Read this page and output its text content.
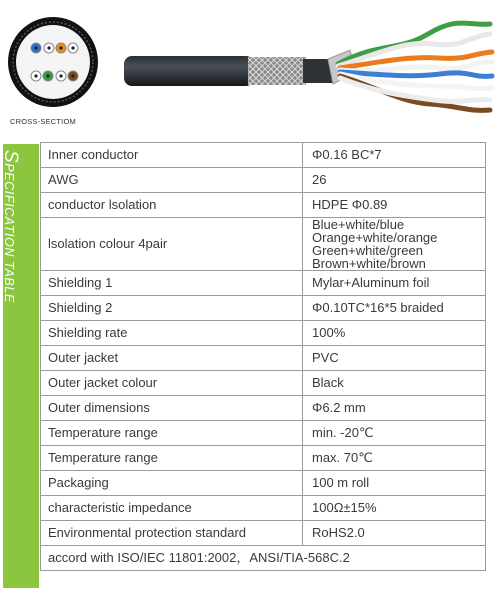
CROSS-SECTIOM
SPECIFICATION TABLE
Inner conductor	Φ0.16 BC*7
AWG	26
conductor lsolation	HDPE Φ0.89
lsolation colour 4pair	Blue+white/blue
Orange+white/orange
Green+white/green
Brown+white/brown

Shielding 1	Mylar+Aluminum foil
Shielding 2	Φ0.10TC*16*5 braided
Shielding rate	100%
Outer jacket	PVC
Outer jacket colour	Black
Outer dimensions	Φ6.2 mm
Temperature range	min. -20℃
Temperature range	max. 70℃
Packaging	100 m roll
characteristic impedance	100Ω±15%
Environmental protection standard	RoHS2.0
accord with ISO/IEC 11801:2002，ANSI/TIA-568C.2	
